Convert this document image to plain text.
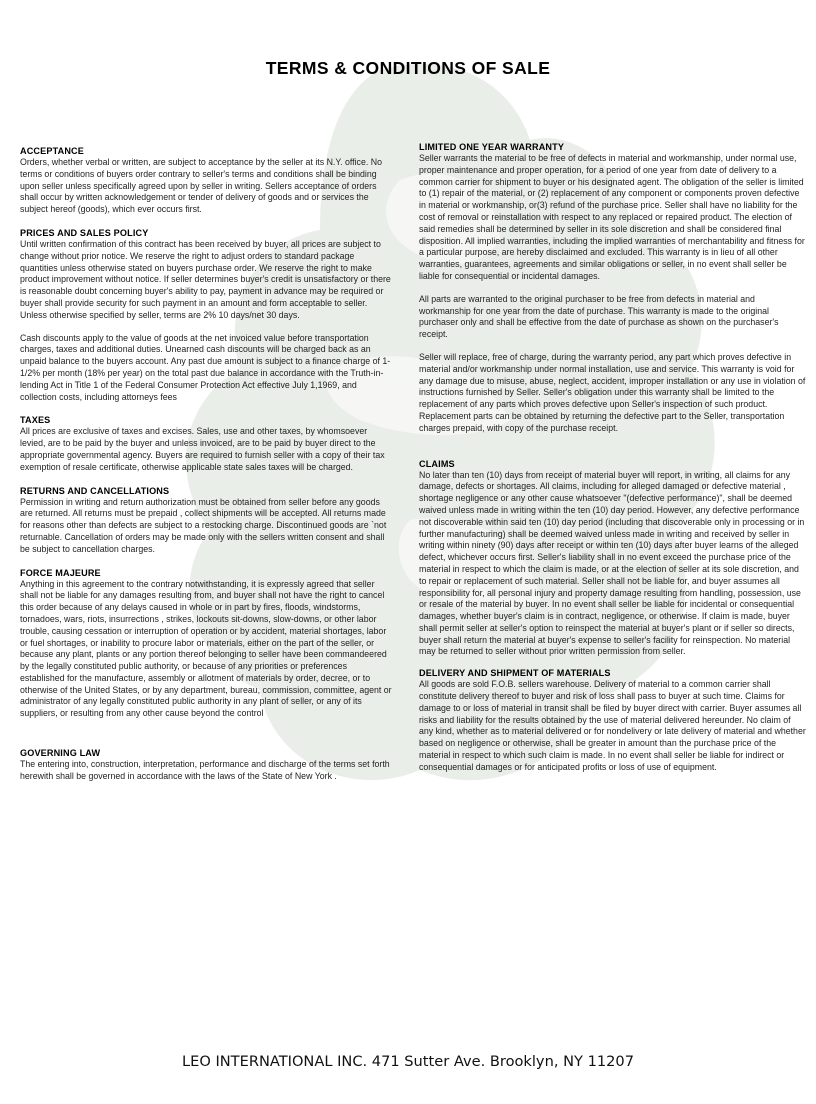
TERMS & CONDITIONS OF SALE
ACCEPTANCE

Orders, whether verbal or written, are subject to acceptance by the seller at its N.Y. office. No terms or conditions of buyers order contrary to seller's terms and conditions shall be binding upon seller unless specifically agreed upon by seller in writing. Sellers acceptance of orders shall occur by written acknowledgement or tender of delivery of goods and or services the subject hereof (goods), which ever occurs first.

PRICES AND SALES POLICY

Until written confirmation of this contract has been received by buyer, all prices are subject to change without prior notice. We reserve the right to adjust orders to standard package quantities unless otherwise stated on buyers purchase order. We reserve the right to make product improvement without notice. If seller determines buyer's credit is unsatisfactory or there is reasonable doubt concerning buyer's ability to pay, payment in advance may be required or buyer shall provide security for such payment in an amount and form acceptable to seller. Unless otherwise specified by seller, terms are 2% 10 days/net 30 days.

Cash discounts apply to the value of goods at the net invoiced value before transportation charges, taxes and additional duties. Unearned cash discounts will be charged back as an unpaid balance to the buyers account. Any past due amount is subject to a finance charge of 1-1/2% per month (18% per year) on the total past due balance in accordance with the Truth-in-lending Act in Title 1 of the Federal Consumer Protection Act effective July 1,1969, and collection costs, including attorneys fees

TAXES

All prices are exclusive of taxes and excises. Sales, use and other taxes, by whomsoever levied, are to be paid by the buyer and unless invoiced, are to be paid by buyer direct to the appropriate governmental agency. Buyers are required to furnish seller with a copy of their tax exemption of resale certificate, otherwise applicable state sales taxes will be charged.

RETURNS AND CANCELLATIONS

Permission in writing and return authorization must be obtained from seller before any goods are returned. All returns must be prepaid , collect shipments will be accepted. All returns made for reasons other than defects are subject to a restocking charge. Discontinued goods are `not returnable. Cancellation of orders may be made only with the sellers written consent and shall be subject to cancellation charges.

FORCE MAJEURE

Anything in this agreement to the contrary notwithstanding, it is expressly agreed that seller shall not be liable for any damages resulting from, and buyer shall not have the right to cancel this order because of any delays caused in whole or in part by fires, floods, windstorms, tornadoes, wars, riots, insurrections , strikes, lockouts sit-downs, slow-downs, or other labor trouble, causing cessation or interruption of operation or by accident, material shortages, labor or fuel shortages, or inability to procure labor or materials, either on the part of the seller, or because any plant, plants or any portion thereof belonging to seller have been commandeered by the legally constituted public authority, or because of any priorities or preferences established for the manufacture, assembly or allotment of materials by order, decree, or to otherwise of the United States, or by any department, bureau, commission, committee, agent or administrator of any legally constituted public authority in any plant of seller, or any of its suppliers, or resulting from any other cause beyond the control

GOVERNING LAW

The entering into, construction, interpretation, performance and discharge of the terms set forth herewith shall be governed in accordance with the laws of the State of New York .

LIMITED ONE YEAR WARRANTY

Seller warrants the material to be free of defects in material and workmanship, under normal use, proper maintenance and proper operation, for a period of one year from date of delivery to a common carrier for shipment to buyer or his designated agent. The obligation of the seller is limited to (1) repair of the material, or (2) replacement of any component or components proven defective in material or workmanship, or(3) refund of the purchase price. Seller shall have no liability for the cost of removal or reinstallation with respect to any replaced or repaired product. The election of said remedies shall be determined by seller in its sole discretion and shall be considered final disposition. All implied warranties, including the implied warranties of merchantability and fitness for a particular purpose, are hereby disclaimed and excluded. This warranty is in lieu of all other warranties, guarantees, agreements and similar obligations or seller, in no event shall seller be liable for consequential or incidental damages.

All parts are warranted to the original purchaser to be free from defects in material and workmanship for one year from the date of purchase. This warranty is made to the original purchaser only and shall be effective from the date of purchase as shown on the purchaser's receipt.

Seller will replace, free of charge, during the warranty period, any part which proves defective in material and/or workmanship under normal installation, use and service. This warranty is void for any damage due to misuse, abuse, neglect, accident, improper installation or any use in violation of instructions furnished by Seller. Seller's obligation under this warranty shall be limited to the replacement of any parts which proves defective upon Seller's inspection of such product. Replacement parts can be obtained by returning the defective part to the Seller, transportation charges prepaid, with copy of the purchase receipt.

CLAIMS

No later than ten (10) days from receipt of material buyer will report, in writing, all claims for any damage, defects or shortages. All claims, including for alleged damaged or defective material , shortage negligence or any other cause whatsoever "(defective performance)", shall be deemed waived unless made in writing within the ten (10) day period. However, any defective performance not discoverable within said ten (10) day period (including that discoverable only in processing or in further manufacturing) shall be deemed waived unless made in writing and received by seller in writing within ninety (90) days after receipt or within ten (10) days after buyer learns of the alleged defect, whichever occurs first. Seller's liability shall in no event exceed the purchase price of the material in respect to which the claim is made, or at the election of seller at its sole discretion, and to repair or replacement of such material. Seller shall not be liable for, and buyer assumes all responsibility for, all personal injury and property damage resulting from handling, possession, use or resale of the material by buyer. In no event shall seller be liable for incidental or consequential damages, whether buyer's claim is in contract, negligence, or otherwise. If claim is made, buyer shall permit seller at seller's option to reinspect the material at buyer's plant or if seller so directs, buyer shall return the material at buyer's expense to seller's facility for reinspection. No material may be returned to seller without prior written permission from seller.

DELIVERY AND SHIPMENT OF MATERIALS

All goods are sold F.O.B. sellers warehouse. Delivery of material to a common carrier shall constitute delivery thereof to buyer and risk of loss shall pass to buyer at such time. Claims for damage to or loss of material in transit shall be filed by buyer direct with carrier. Buyer assumes all risks and liability for the results obtained by the use of material delivered hereunder. No claim of any kind, whether as to material delivered or for nondelivery or late delivery of material and whether based on negligence or otherwise, shall be greater in amount than the purchase price of the material in respect to which such claim is made. In no event shall seller be liable for indirect or consequential damages or for anticipated profits or loss of use of equipment.

LEO INTERNATIONAL INC. 471 Sutter Ave. Brooklyn, NY 11207
